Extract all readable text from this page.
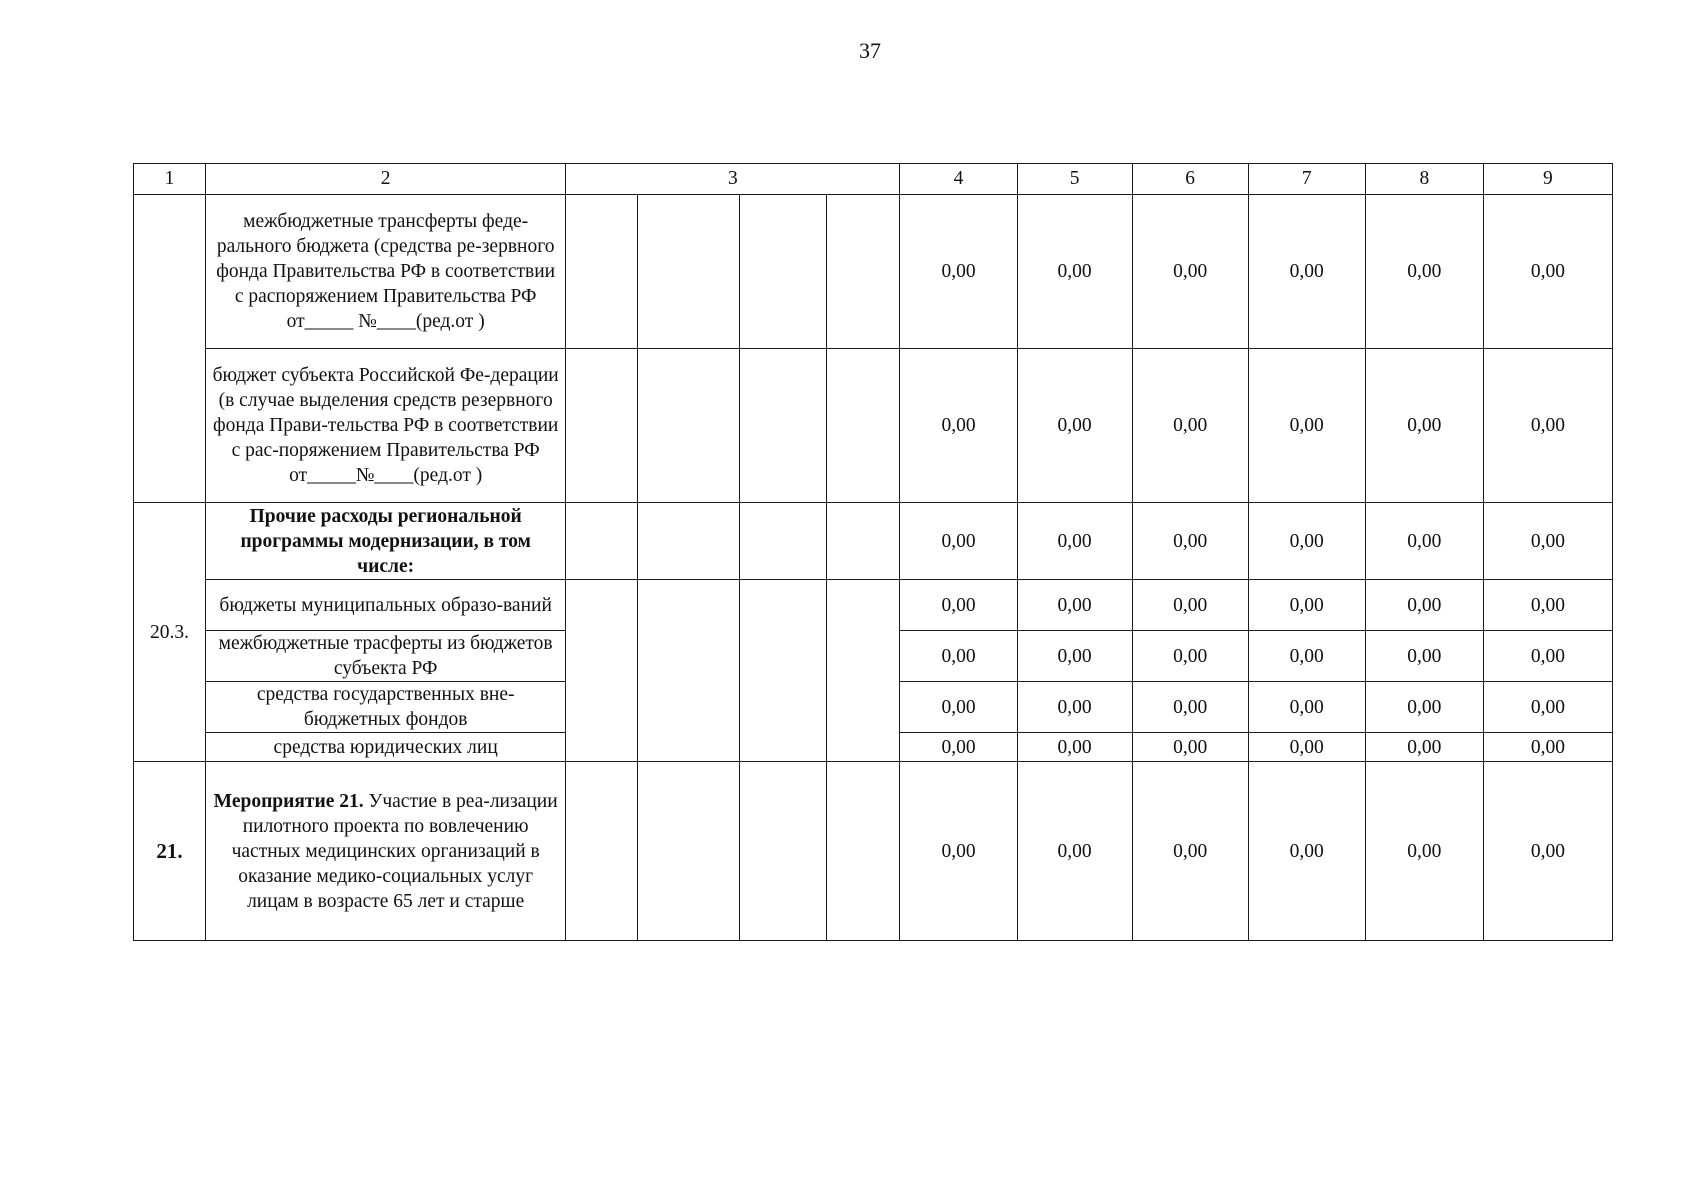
37
1	2	3				4	5	6	7	8	9
	межбюджетные трансферты феде-ральнoго бюджета (средства ре-зервного фонда Правительства РФ в соответствии с распоряжением Правительства РФ от_____ №____(ред.от )					0,00	0,00	0,00	0,00	0,00	0,00
	бюджет субъекта Российской Фе-дерации (в случае выделения средств резервного фонда Прави-тельства РФ в соответствии с рас-поряжением Правительства РФ от_____№____(ред.от )					0,00	0,00	0,00	0,00	0,00	0,00
20.3.	Прочие расходы региональной программы модернизации, в том числе:					0,00	0,00	0,00	0,00	0,00	0,00
	бюджеты муниципальных образо-ваний					0,00	0,00	0,00	0,00	0,00	0,00
	межбюджетные трасферты из бюджетов субъекта РФ					0,00	0,00	0,00	0,00	0,00	0,00
	средства государственных вне-бюджетных фондов					0,00	0,00	0,00	0,00	0,00	0,00
	средства юридических лиц					0,00	0,00	0,00	0,00	0,00	0,00
21.	Мероприятие 21. Участие в реа-лизации пилотного проекта по вовлечению частных медицинских организаций в оказание медико-социальных услуг лицам в возрасте 65 лет и старше					0,00	0,00	0,00	0,00	0,00	0,00
